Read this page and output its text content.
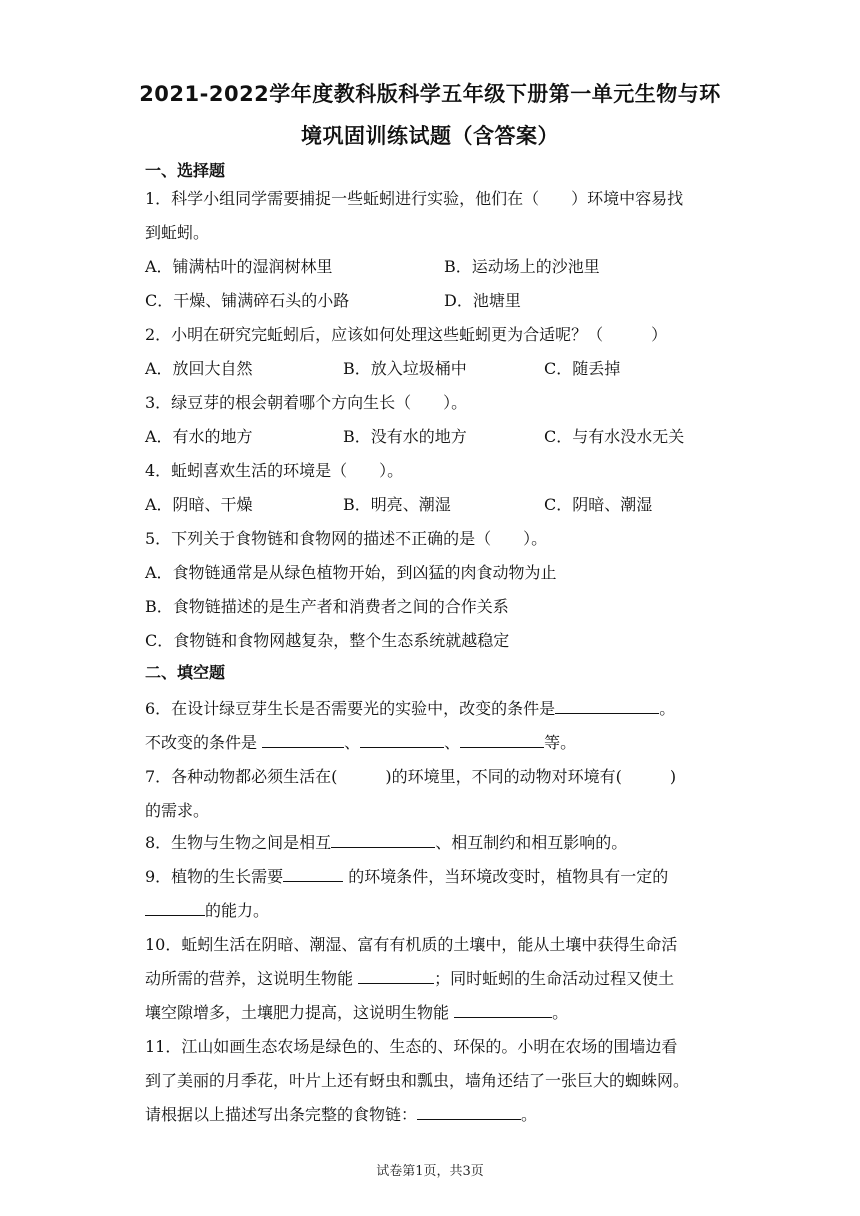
2021-2022学年度教科版科学五年级下册第一单元生物与环
境巩固训练试题（含答案）
一、选择题
1．科学小组同学需要捕捉一些蚯蚓进行实验，他们在（　　）环境中容易找
到蚯蚓。
A．铺满枯叶的湿润树林里	B．运动场上的沙池里
C．干燥、铺满碎石头的小路	D．池塘里
2．小明在研究完蚯蚓后，应该如何处理这些蚯蚓更为合适呢？（　　　）
A．放回大自然	B．放入垃圾桶中	C．随丢掉
3．绿豆芽的根会朝着哪个方向生长（　　）。
A．有水的地方	B．没有水的地方	C．与有水没水无关
4．蚯蚓喜欢生活的环境是（　　）。
A．阴暗、干燥	B．明亮、潮湿	C．阴暗、潮湿
5．下列关于食物链和食物网的描述不正确的是（　　）。
A．食物链通常是从绿色植物开始，到凶猛的肉食动物为止
B．食物链描述的是生产者和消费者之间的合作关系
C．食物链和食物网越复杂，整个生态系统就越稳定
二、填空题
6．在设计绿豆芽生长是否需要光的实验中，改变的条件是	。
不改变的条件是	、	、	等。
7．各种动物都必须生活在(　　　)的环境里，不同的动物对环境有(　　　)
的需求。
8．生物与生物之间是相互	、相互制约和相互影响的。
9．植物的生长需要	的环境条件，当环境改变时，植物具有一定的
的能力。
10．蚯蚓生活在阴暗、潮湿、富有有机质的土壤中，能从土壤中获得生命活
动所需的营养，这说明生物能	；同时蚯蚓的生命活动过程又使土
壤空隙增多，土壤肥力提高，这说明生物能	。
11．江山如画生态农场是绿色的、生态的、环保的。小明在农场的围墙边看
到了美丽的月季花，叶片上还有蚜虫和瓢虫，墙角还结了一张巨大的蜘蛛网。
请根据以上描述写出条完整的食物链：	。
试卷第1页，共3页
